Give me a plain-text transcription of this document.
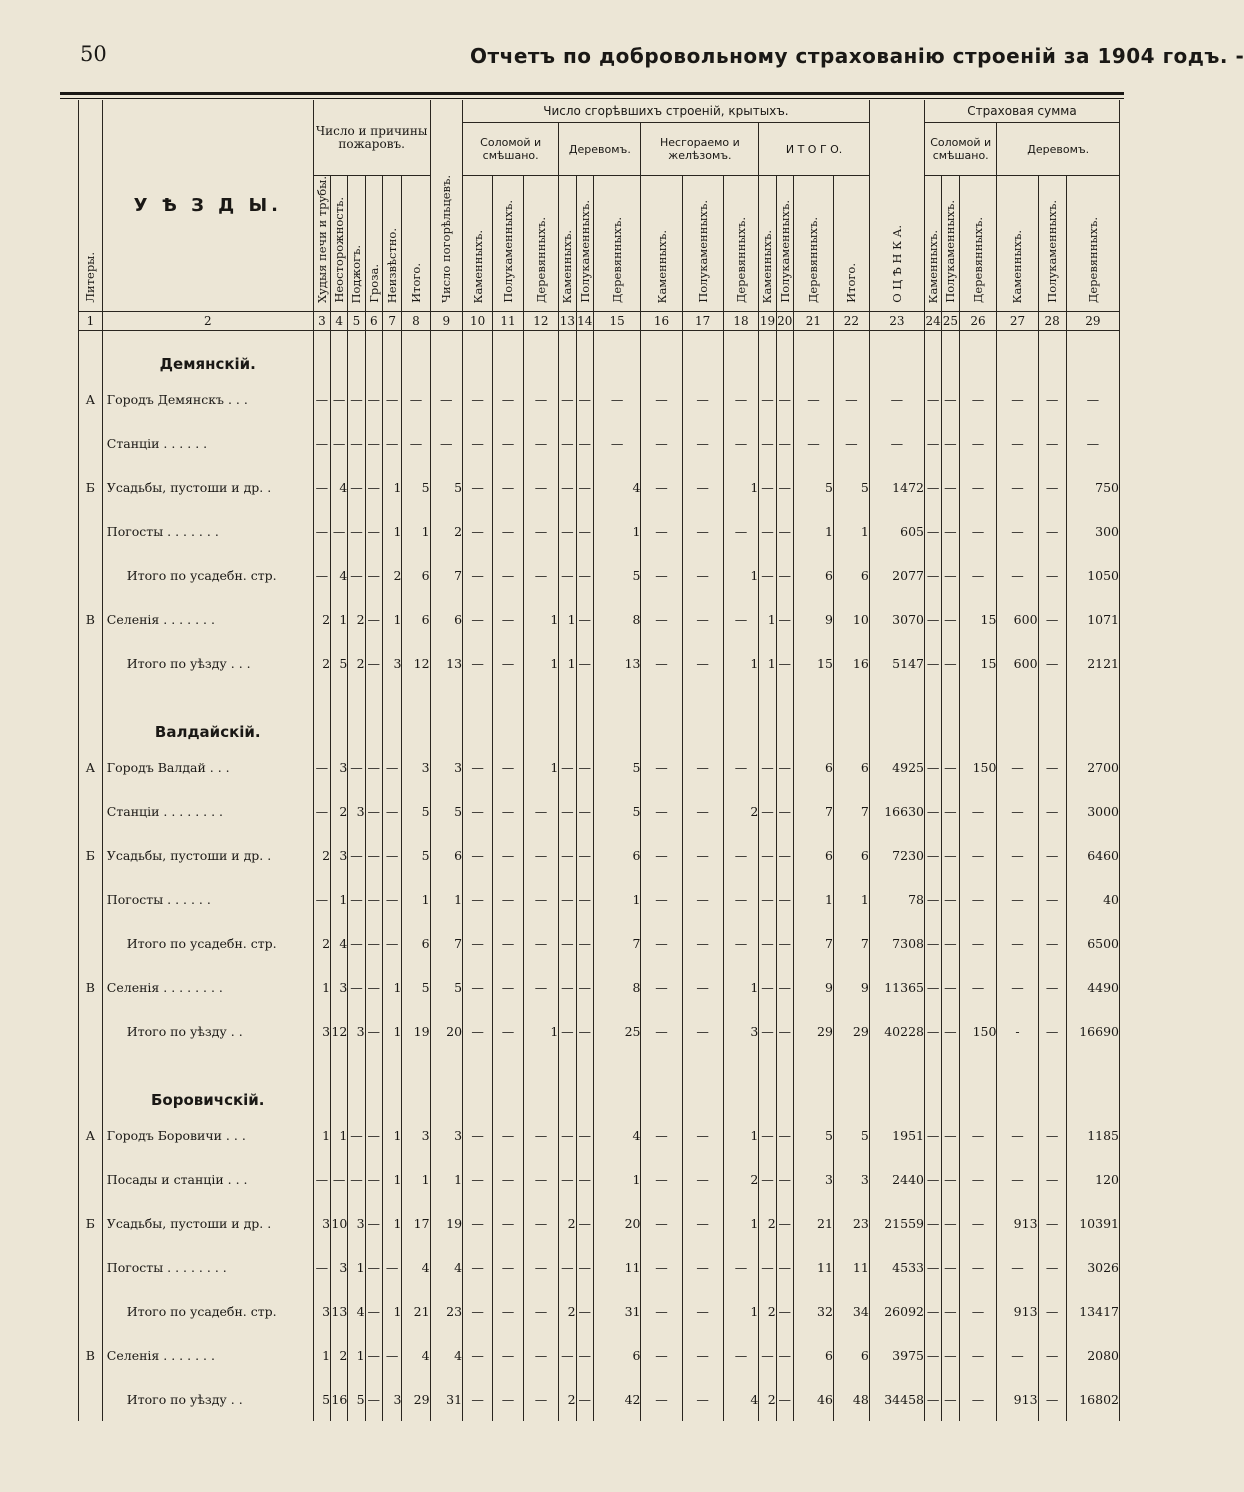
50	Отчетъ по добровольному страхованію строеній за 1904 годъ. -
Литеры.	У Ѣ З Д Ы.	Число и причины пожаровъ.						Число погорѣльцевъ.	Число сгорѣвшихъ строеній, крытыхъ.													О Ц Ѣ Н К А.	Страховая сумма					
									Соломой и смѣшано.			Деревомъ.			Несгораемо и желѣзомъ.			И Т О Г О.					Соломой и смѣшано.			Деревомъ.		
		Худыя печи и трубы.	Неосторожность.	Поджогъ.	Гроза.	Неизвѣстно.	Итого.		Каменныхъ.	Полукаменныхъ.	Деревянныхъ.	Каменныхъ.	Полукаменныхъ.	Деревянныхъ.	Каменныхъ.	Полукаменныхъ.	Деревянныхъ.	Каменныхъ.	Полукаменныхъ.	Деревянныхъ.	Итого.		Каменныхъ.	Полукаменныхъ.	Деревянныхъ.	Каменныхъ.	Полукаменныхъ.	Деревянныхъ.
1	2	3	4	5	6	7	8	9	10	11	12	13	14	15	16	17	18	19	20	21	22	23	24	25	26	27	28	29
	Демянскій.																											
А	Городъ Демянскъ . . .	—	—	—	—	—	—	—	—	—	—	—	—	—	—	—	—	—	—	—	—	—	—	—	—	—	—	—
	Станціи . . . . . .	—	—	—	—	—	—	—	—	—	—	—	—	—	—	—	—	—	—	—	—	—	—	—	—	—	—	—
Б	Усадьбы, пустоши и др. .	—	4	—	—	1	5	5	—	—	—	—	—	4	—	—	1	—	—	5	5	1472	—	—	—	—	—	750
	Погосты . . . . . . .	—	—	—	—	1	1	2	—	—	—	—	—	1	—	—	—	—	—	1	1	605	—	—	—	—	—	300
	Итого по усадебн. стр.	—	4	—	—	2	6	7	—	—	—	—	—	5	—	—	1	—	—	6	6	2077	—	—	—	—	—	1050
В	Селенія . . . . . . .	2	1	2	—	1	6	6	—	—	1	1	—	8	—	—	—	1	—	9	10	3070	—	—	15	600	—	1071
	Итого по уѣзду . . .	2	5	2	—	3	12	13	—	—	1	1	—	13	—	—	1	1	—	15	16	5147	—	—	15	600	—	2121

	Валдайскій.																											
А	Городъ Валдай . . .	—	3	—	—	—	3	3	—	—	1	—	—	5	—	—	—	—	—	6	6	4925	—	—	150	—	—	2700
	Станціи . . . . . . . .	—	2	3	—	—	5	5	—	—	—	—	—	5	—	—	2	—	—	7	7	16630	—	—	—	—	—	3000
Б	Усадьбы, пустоши и др. .	2	3	—	—	—	5	6	—	—	—	—	—	6	—	—	—	—	—	6	6	7230	—	—	—	—	—	6460
	Погосты . . . . . .	—	1	—	—	—	1	1	—	—	—	—	—	1	—	—	—	—	—	1	1	78	—	—	—	—	—	40
	Итого по усадебн. стр.	2	4	—	—	—	6	7	—	—	—	—	—	7	—	—	—	—	—	7	7	7308	—	—	—	—	—	6500
В	Селенія . . . . . . . .	1	3	—	—	1	5	5	—	—	—	—	—	8	—	—	1	—	—	9	9	11365	—	—	—	—	—	4490
	Итого по уѣзду . .	3	12	3	—	1	19	20	—	—	1	—	—	25	—	—	3	—	—	29	29	40228	—	—	150	-	—	16690

	Боровичскій.																											
А	Городъ Боровичи . . .	1	1	—	—	1	3	3	—	—	—	—	—	4	—	—	1	—	—	5	5	1951	—	—	—	—	—	1185
	Посады и станціи . . .	—	—	—	—	1	1	1	—	—	—	—	—	1	—	—	2	—	—	3	3	2440	—	—	—	—	—	120
Б	Усадьбы, пустоши и др. .	3	10	3	—	1	17	19	—	—	—	2	—	20	—	—	1	2	—	21	23	21559	—	—	—	913	—	10391
	Погосты . . . . . . . .	—	3	1	—	—	4	4	—	—	—	—	—	11	—	—	—	—	—	11	11	4533	—	—	—	—	—	3026
	Итого по усадебн. стр.	3	13	4	—	1	21	23	—	—	—	2	—	31	—	—	1	2	—	32	34	26092	—	—	—	913	—	13417
В	Селенія . . . . . . .	1	2	1	—	—	4	4	—	—	—	—	—	6	—	—	—	—	—	6	6	3975	—	—	—	—	—	2080
	Итого по уѣзду . .	5	16	5	—	3	29	31	—	—	—	2	—	42	—	—	4	2	—	46	48	34458	—	—	—	913	—	16802
